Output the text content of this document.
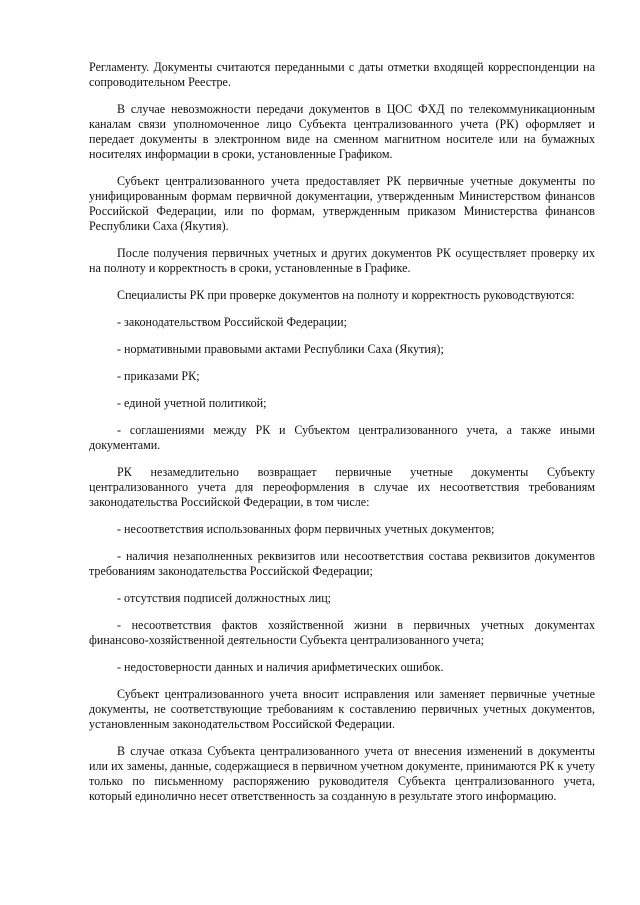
Регламенту. Документы считаются переданными с даты отметки входящей корреспонденции на сопроводительном Реестре.

В случае невозможности передачи документов в ЦОС ФХД по телекоммуникационным каналам связи уполномоченное лицо Субъекта централизованного учета (РК) оформляет и передает документы в электронном виде на сменном магнитном носителе или на бумажных носителях информации в сроки, установленные Графиком.

Субъект централизованного учета предоставляет РК первичные учетные документы по унифицированным формам первичной документации, утвержденным Министерством финансов Российской Федерации, или по формам, утвержденным приказом Министерства финансов Республики Саха (Якутия).

После получения первичных учетных и других документов РК осуществляет проверку их на полноту и корректность в сроки, установленные в Графике.

Специалисты РК при проверке документов на полноту и корректность руководствуются:

- законодательством Российской Федерации;

- нормативными правовыми актами Республики Саха (Якутия);

- приказами РК;

- единой учетной политикой;

- соглашениями между РК и Субъектом централизованного учета, а также иными документами.

РК незамедлительно возвращает первичные учетные документы Субъекту централизованного учета для переоформления в случае их несоответствия требованиям законодательства Российской Федерации, в том числе:

- несоответствия использованных форм первичных учетных документов;

- наличия незаполненных реквизитов или несоответствия состава реквизитов документов требованиям законодательства Российской Федерации;

- отсутствия подписей должностных лиц;

- несоответствия фактов хозяйственной жизни в первичных учетных документах финансово-хозяйственной деятельности Субъекта централизованного учета;

- недостоверности данных и наличия арифметических ошибок.

Субъект централизованного учета вносит исправления или заменяет первичные учетные документы, не соответствующие требованиям к составлению первичных учетных документов, установленным законодательством Российской Федерации.

В случае отказа Субъекта централизованного учета от внесения изменений в документы или их замены, данные, содержащиеся в первичном учетном документе, принимаются РК к учету только по письменному распоряжению руководителя Субъекта централизованного учета, который единолично несет ответственность за созданную в результате этого информацию.
